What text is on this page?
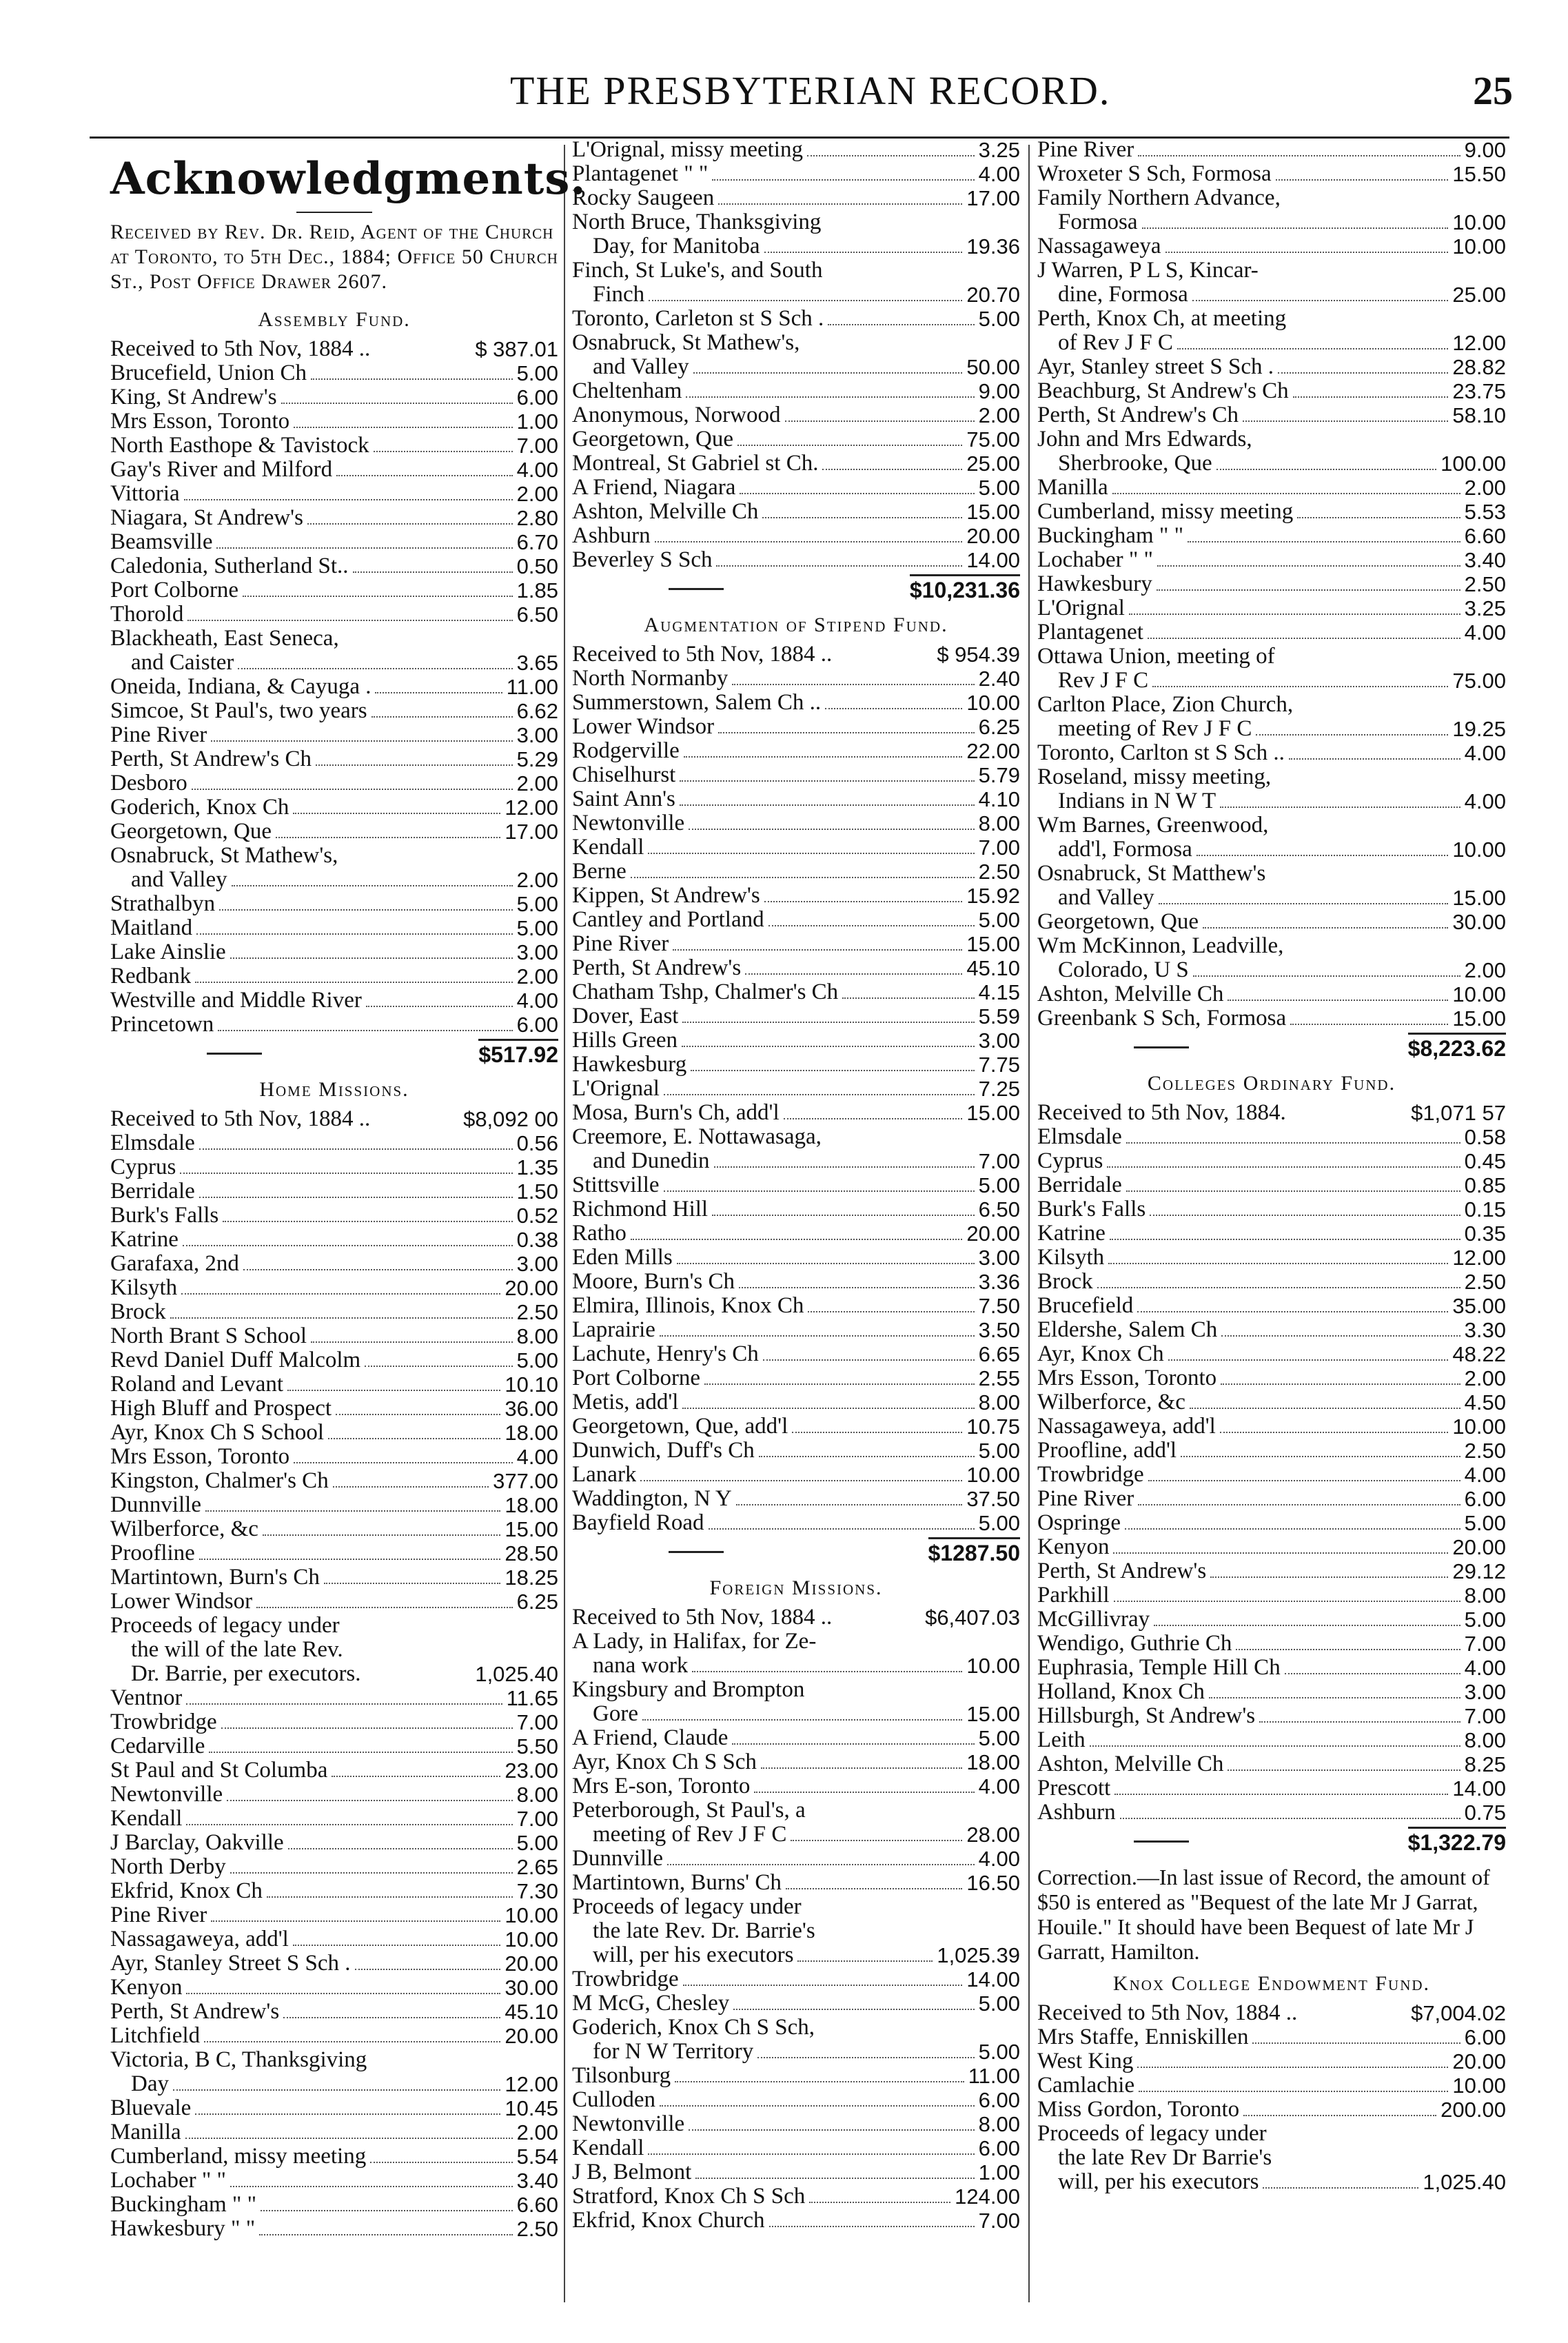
THE PRESBYTERIAN RECORD.	25
Acknowledgments.
Received by Rev. Dr. Reid, Agent of the Church at Toronto, to 5th Dec., 1884; Office 50 Church St., Post Office Drawer 2607.
Assembly Fund.
Received to 5th Nov, 1884 ..	$ 387.01
Brucefield, Union Ch	5.00
King, St Andrew's	6.00
Mrs Esson, Toronto	1.00
North Easthope & Tavistock	7.00
Gay's River and Milford	4.00
Vittoria	2.00
Niagara, St Andrew's	2.80
Beamsville	6.70
Caledonia, Sutherland St..	0.50
Port Colborne	1.85
Thorold	6.50
Blackheath, East Seneca,
and Caister	3.65
Oneida, Indiana, & Cayuga .	11.00
Simcoe, St Paul's, two years	6.62
Pine River	3.00
Perth, St Andrew's Ch	5.29
Desboro	2.00
Goderich, Knox Ch	12.00
Georgetown, Que	17.00
Osnabruck, St Mathew's,
and Valley	2.00
Strathalbyn	5.00
Maitland	5.00
Lake Ainslie	3.00
Redbank	2.00
Westville and Middle River	4.00
Princetown	6.00
$517.92
Home Missions.
Received to 5th Nov, 1884 ..	$8,092 00
Elmsdale	0.56
Cyprus	1.35
Berridale	1.50
Burk's Falls	0.52
Katrine	0.38
Garafaxa, 2nd	3.00
Kilsyth	20.00
Brock	2.50
North Brant S School	8.00
Revd Daniel Duff Malcolm	5.00
Roland and Levant	10.10
High Bluff and Prospect	36.00
Ayr, Knox Ch S School	18.00
Mrs Esson, Toronto	4.00
Kingston, Chalmer's Ch	377.00
Dunnville	18.00
Wilberforce, &c	15.00
Proofline	28.50
Martintown, Burn's Ch	18.25
Lower Windsor	6.25
Proceeds of legacy under
the will of the late Rev.
Dr. Barrie, per executors.	1,025.40
Ventnor	11.65
Trowbridge	7.00
Cedarville	5.50
St Paul and St Columba	23.00
Newtonville	8.00
Kendall	7.00
J Barclay, Oakville	5.00
North Derby	2.65
Ekfrid, Knox Ch	7.30
Pine River	10.00
Nassagaweya, add'l	10.00
Ayr, Stanley Street S Sch .	20.00
Kenyon	30.00
Perth, St Andrew's	45.10
Litchfield	20.00
Victoria, B C, Thanksgiving
Day	12.00
Bluevale	10.45
Manilla	2.00
Cumberland, missy meeting	5.54
Lochaber " "	3.40
Buckingham " "	6.60
Hawkesbury " "	2.50
L'Orignal, missy meeting	3.25
Plantagenet " "	4.00
Rocky Saugeen	17.00
North Bruce, Thanksgiving
Day, for Manitoba	19.36
Finch, St Luke's, and South
Finch	20.70
Toronto, Carleton st S Sch .	5.00
Osnabruck, St Mathew's,
and Valley	50.00
Cheltenham	9.00
Anonymous, Norwood	2.00
Georgetown, Que	75.00
Montreal, St Gabriel st Ch.	25.00
A Friend, Niagara	5.00
Ashton, Melville Ch	15.00
Ashburn	20.00
Beverley S Sch	14.00
$10,231.36
Augmentation of Stipend Fund.
Received to 5th Nov, 1884 ..	$ 954.39
North Normanby	2.40
Summerstown, Salem Ch ..	10.00
Lower Windsor	6.25
Rodgerville	22.00
Chiselhurst	5.79
Saint Ann's	4.10
Newtonville	8.00
Kendall	7.00
Berne	2.50
Kippen, St Andrew's	15.92
Cantley and Portland	5.00
Pine River	15.00
Perth, St Andrew's	45.10
Chatham Tshp, Chalmer's Ch	4.15
Dover, East	5.59
Hills Green	3.00
Hawkesburg	7.75
L'Orignal	7.25
Mosa, Burn's Ch, add'l	15.00
Creemore, E. Nottawasaga,
and Dunedin	7.00
Stittsville	5.00
Richmond Hill	6.50
Ratho	20.00
Eden Mills	3.00
Moore, Burn's Ch	3.36
Elmira, Illinois, Knox Ch	7.50
Laprairie	3.50
Lachute, Henry's Ch	6.65
Port Colborne	2.55
Metis, add'l	8.00
Georgetown, Que, add'l	10.75
Dunwich, Duff's Ch	5.00
Lanark	10.00
Waddington, N Y	37.50
Bayfield Road	5.00
$1287.50
Foreign Missions.
Received to 5th Nov, 1884 ..	$6,407.03
A Lady, in Halifax, for Ze-
nana work	10.00
Kingsbury and Brompton
Gore	15.00
A Friend, Claude	5.00
Ayr, Knox Ch S Sch	18.00
Mrs E-son, Toronto	4.00
Peterborough, St Paul's, a
meeting of Rev J F C	28.00
Dunnville	4.00
Martintown, Burns' Ch	16.50
Proceeds of legacy under
the late Rev. Dr. Barrie's
will, per his executors	1,025.39
Trowbridge	14.00
M McG, Chesley	5.00
Goderich, Knox Ch S Sch,
for N W Territory	5.00
Tilsonburg	11.00
Culloden	6.00
Newtonville	8.00
Kendall	6.00
J B, Belmont	1.00
Stratford, Knox Ch S Sch	124.00
Ekfrid, Knox Church	7.00
Pine River	9.00
Wroxeter S Sch, Formosa	15.50
Family Northern Advance,
Formosa	10.00
Nassagaweya	10.00
J Warren, P L S, Kincar-
dine, Formosa	25.00
Perth, Knox Ch, at meeting
of Rev J F C	12.00
Ayr, Stanley street S Sch .	28.82
Beachburg, St Andrew's Ch	23.75
Perth, St Andrew's Ch	58.10
John and Mrs Edwards,
Sherbrooke, Que	100.00
Manilla	2.00
Cumberland, missy meeting	5.53
Buckingham " "	6.60
Lochaber " "	3.40
Hawkesbury	2.50
L'Orignal	3.25
Plantagenet	4.00
Ottawa Union, meeting of
Rev J F C	75.00
Carlton Place, Zion Church,
meeting of Rev J F C	19.25
Toronto, Carlton st S Sch ..	4.00
Roseland, missy meeting,
Indians in N W T	4.00
Wm Barnes, Greenwood,
add'l, Formosa	10.00
Osnabruck, St Matthew's
and Valley	15.00
Georgetown, Que	30.00
Wm McKinnon, Leadville,
Colorado, U S	2.00
Ashton, Melville Ch	10.00
Greenbank S Sch, Formosa	15.00
$8,223.62
Colleges Ordinary Fund.
Received to 5th Nov, 1884.	$1,071 57
Elmsdale	0.58
Cyprus	0.45
Berridale	0.85
Burk's Falls	0.15
Katrine	0.35
Kilsyth	12.00
Brock	2.50
Brucefield	35.00
Eldershe, Salem Ch	3.30
Ayr, Knox Ch	48.22
Mrs Esson, Toronto	2.00
Wilberforce, &c	4.50
Nassagaweya, add'l	10.00
Proofline, add'l	2.50
Trowbridge	4.00
Pine River	6.00
Ospringe	5.00
Kenyon	20.00
Perth, St Andrew's	29.12
Parkhill	8.00
McGillivray	5.00
Wendigo, Guthrie Ch	7.00
Euphrasia, Temple Hill Ch	4.00
Holland, Knox Ch	3.00
Hillsburgh, St Andrew's	7.00
Leith	8.00
Ashton, Melville Ch	8.25
Prescott	14.00
Ashburn	0.75
$1,322.79
Correction.—In last issue of Record, the amount of $50 is entered as "Bequest of the late Mr J Garrat, Houile." It should have been Bequest of late Mr J Garratt, Hamilton.
Knox College Endowment Fund.
Received to 5th Nov, 1884 ..	$7,004.02
Mrs Staffe, Enniskillen	6.00
West King	20.00
Camlachie	10.00
Miss Gordon, Toronto	200.00
Proceeds of legacy under
the late Rev Dr Barrie's
will, per his executors	1,025.40
